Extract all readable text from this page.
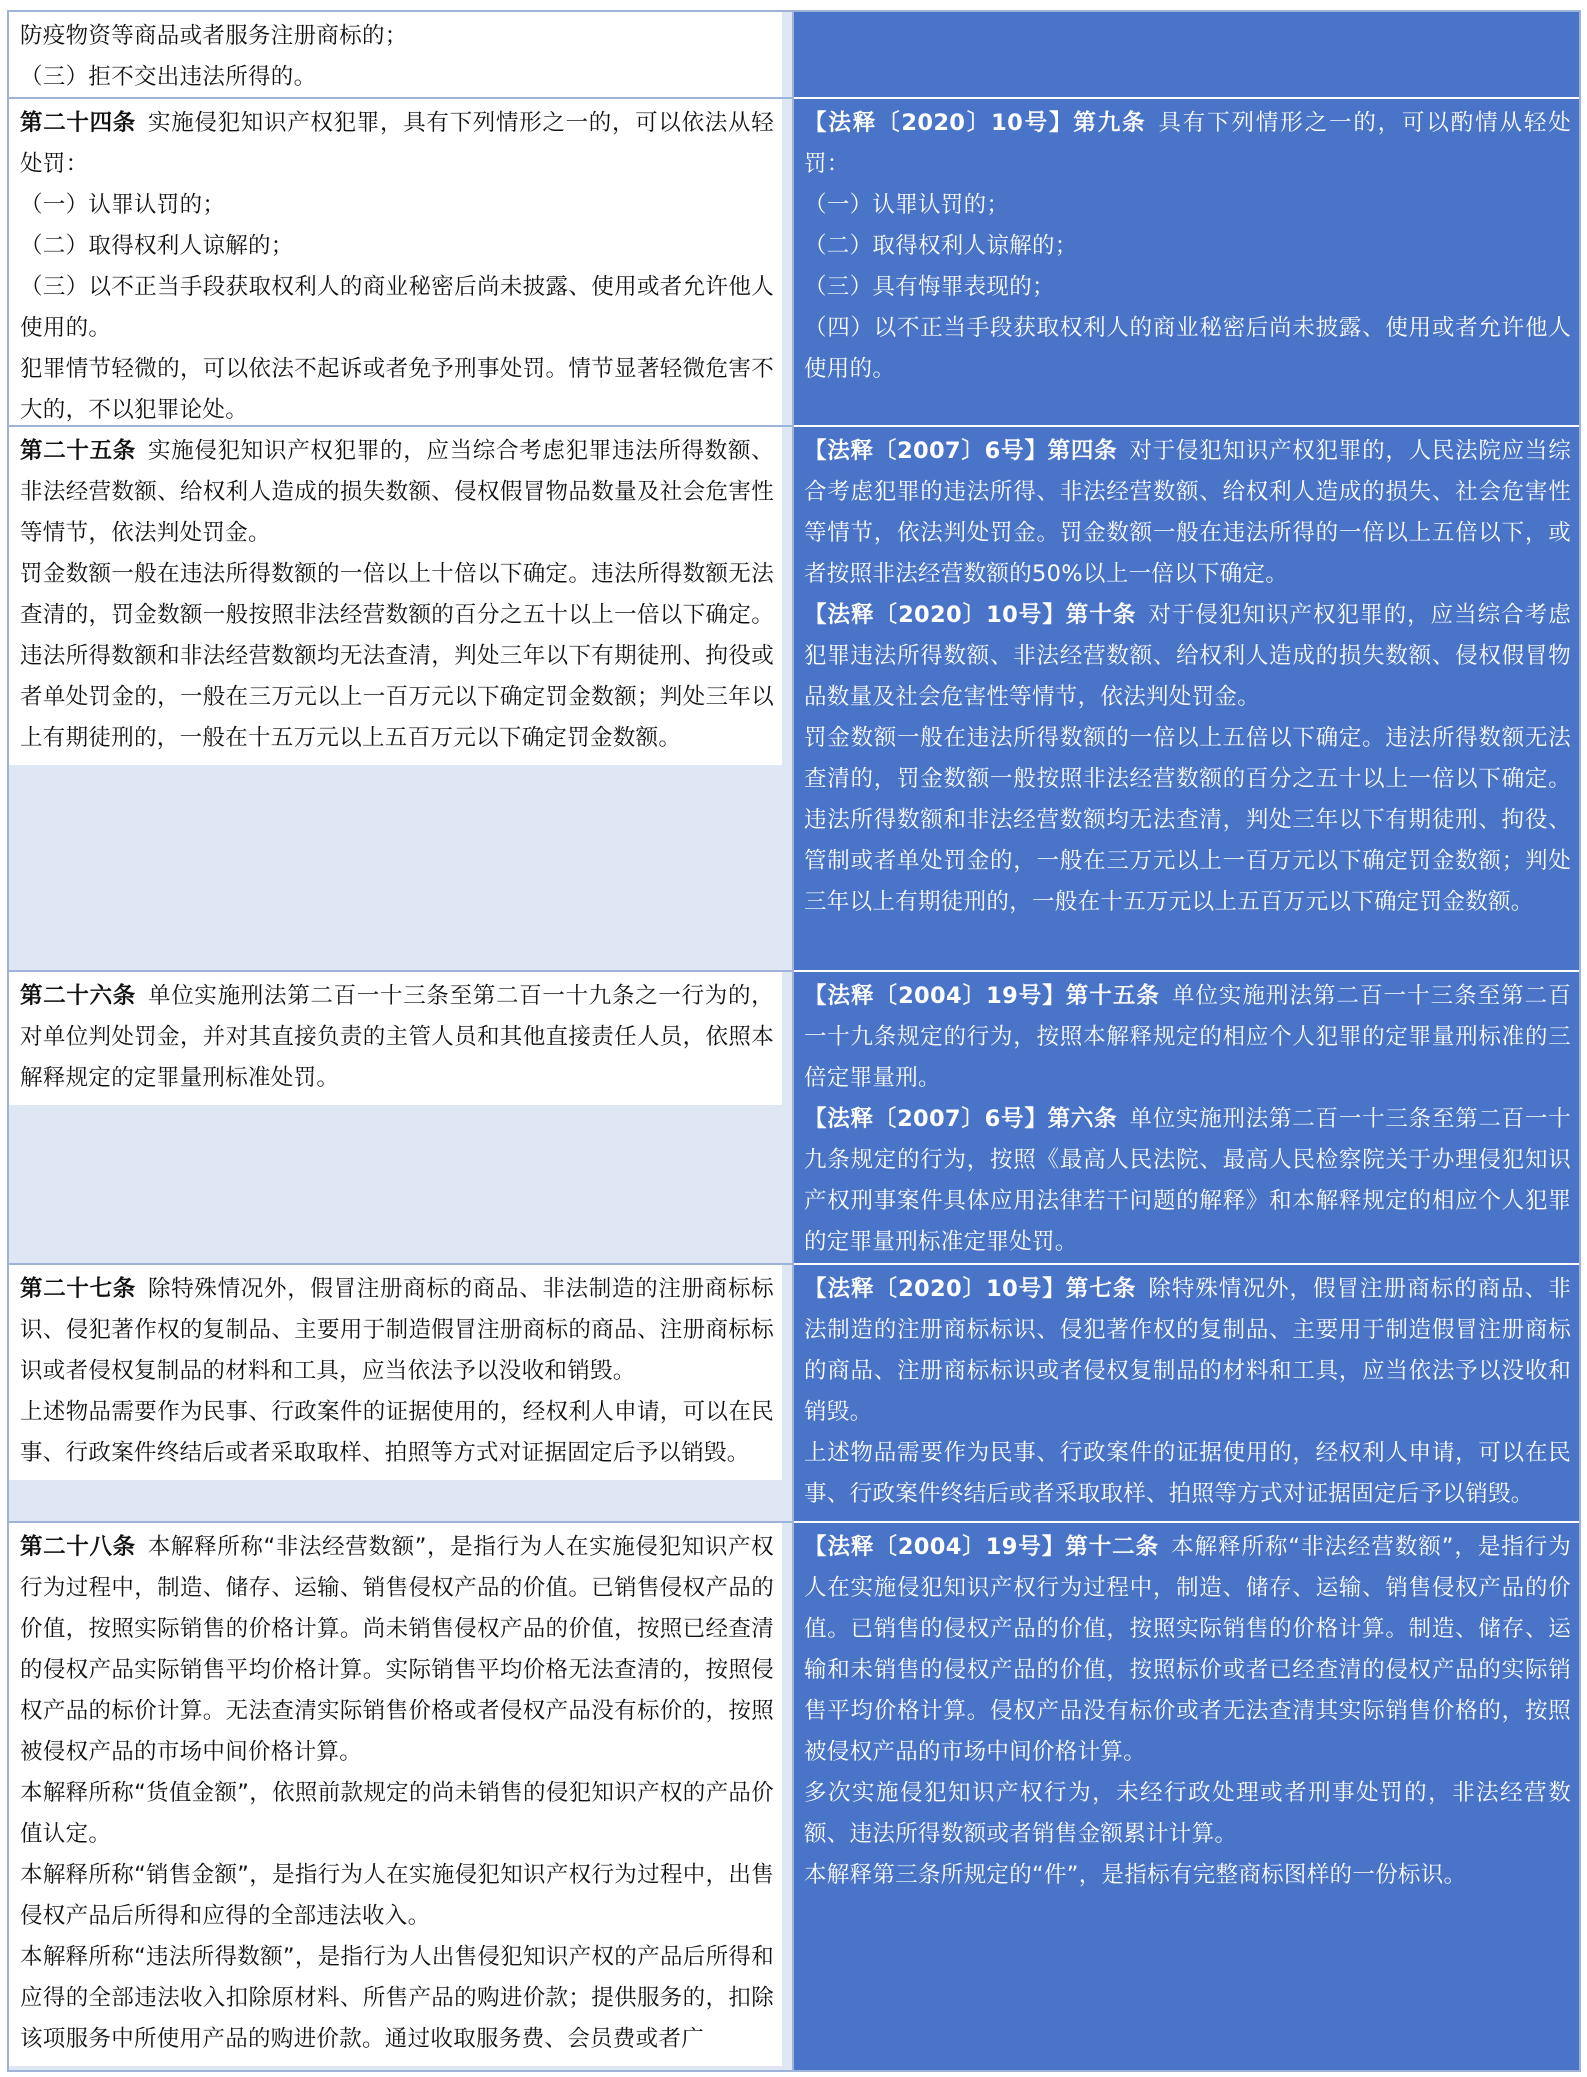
防疫物资等商品或者服务注册商标的；

（三）拒不交出违法所得的。

第二十四条 实施侵犯知识产权犯罪，具有下列情形之一的，可以依法从轻处罚：

（一）认罪认罚的；

（二）取得权利人谅解的；

（三）以不正当手段获取权利人的商业秘密后尚未披露、使用或者允许他人使用的。

犯罪情节轻微的，可以依法不起诉或者免予刑事处罚。情节显著轻微危害不大的，不以犯罪论处。

【法释〔2020〕10号】第九条 具有下列情形之一的，可以酌情从轻处罚：

（一）认罪认罚的；

（二）取得权利人谅解的；

（三）具有悔罪表现的；

（四）以不正当手段获取权利人的商业秘密后尚未披露、使用或者允许他人使用的。

第二十五条 实施侵犯知识产权犯罪的，应当综合考虑犯罪违法所得数额、非法经营数额、给权利人造成的损失数额、侵权假冒物品数量及社会危害性等情节，依法判处罚金。

罚金数额一般在违法所得数额的一倍以上十倍以下确定。违法所得数额无法查清的，罚金数额一般按照非法经营数额的百分之五十以上一倍以下确定。违法所得数额和非法经营数额均无法查清，判处三年以下有期徒刑、拘役或者单处罚金的，一般在三万元以上一百万元以下确定罚金数额；判处三年以上有期徒刑的，一般在十五万元以上五百万元以下确定罚金数额。

【法释〔2007〕6号】第四条 对于侵犯知识产权犯罪的，人民法院应当综合考虑犯罪的违法所得、非法经营数额、给权利人造成的损失、社会危害性等情节，依法判处罚金。罚金数额一般在违法所得的一倍以上五倍以下，或者按照非法经营数额的50%以上一倍以下确定。

【法释〔2020〕10号】第十条 对于侵犯知识产权犯罪的，应当综合考虑犯罪违法所得数额、非法经营数额、给权利人造成的损失数额、侵权假冒物品数量及社会危害性等情节，依法判处罚金。

罚金数额一般在违法所得数额的一倍以上五倍以下确定。违法所得数额无法查清的，罚金数额一般按照非法经营数额的百分之五十以上一倍以下确定。违法所得数额和非法经营数额均无法查清，判处三年以下有期徒刑、拘役、管制或者单处罚金的，一般在三万元以上一百万元以下确定罚金数额；判处三年以上有期徒刑的，一般在十五万元以上五百万元以下确定罚金数额。

第二十六条 单位实施刑法第二百一十三条至第二百一十九条之一行为的，对单位判处罚金，并对其直接负责的主管人员和其他直接责任人员，依照本解释规定的定罪量刑标准处罚。

【法释〔2004〕19号】第十五条 单位实施刑法第二百一十三条至第二百一十九条规定的行为，按照本解释规定的相应个人犯罪的定罪量刑标准的三倍定罪量刑。

【法释〔2007〕6号】第六条 单位实施刑法第二百一十三条至第二百一十九条规定的行为，按照《最高人民法院、最高人民检察院关于办理侵犯知识产权刑事案件具体应用法律若干问题的解释》和本解释规定的相应个人犯罪的定罪量刑标准定罪处罚。

第二十七条 除特殊情况外，假冒注册商标的商品、非法制造的注册商标标识、侵犯著作权的复制品、主要用于制造假冒注册商标的商品、注册商标标识或者侵权复制品的材料和工具，应当依法予以没收和销毁。

上述物品需要作为民事、行政案件的证据使用的，经权利人申请，可以在民事、行政案件终结后或者采取取样、拍照等方式对证据固定后予以销毁。

【法释〔2020〕10号】第七条 除特殊情况外，假冒注册商标的商品、非法制造的注册商标标识、侵犯著作权的复制品、主要用于制造假冒注册商标的商品、注册商标标识或者侵权复制品的材料和工具，应当依法予以没收和销毁。

上述物品需要作为民事、行政案件的证据使用的，经权利人申请，可以在民事、行政案件终结后或者采取取样、拍照等方式对证据固定后予以销毁。

第二十八条 本解释所称“非法经营数额”，是指行为人在实施侵犯知识产权行为过程中，制造、储存、运输、销售侵权产品的价值。已销售侵权产品的价值，按照实际销售的价格计算。尚未销售侵权产品的价值，按照已经查清的侵权产品实际销售平均价格计算。实际销售平均价格无法查清的，按照侵权产品的标价计算。无法查清实际销售价格或者侵权产品没有标价的，按照被侵权产品的市场中间价格计算。

本解释所称“货值金额”，依照前款规定的尚未销售的侵犯知识产权的产品价值认定。

本解释所称“销售金额”，是指行为人在实施侵犯知识产权行为过程中，出售侵权产品后所得和应得的全部违法收入。

本解释所称“违法所得数额”，是指行为人出售侵犯知识产权的产品后所得和应得的全部违法收入扣除原材料、所售产品的购进价款；提供服务的，扣除该项服务中所使用产品的购进价款。通过收取服务费、会员费或者广

【法释〔2004〕19号】第十二条 本解释所称“非法经营数额”，是指行为人在实施侵犯知识产权行为过程中，制造、储存、运输、销售侵权产品的价值。已销售的侵权产品的价值，按照实际销售的价格计算。制造、储存、运输和未销售的侵权产品的价值，按照标价或者已经查清的侵权产品的实际销售平均价格计算。侵权产品没有标价或者无法查清其实际销售价格的，按照被侵权产品的市场中间价格计算。

多次实施侵犯知识产权行为，未经行政处理或者刑事处罚的，非法经营数额、违法所得数额或者销售金额累计计算。

本解释第三条所规定的“件”，是指标有完整商标图样的一份标识。
